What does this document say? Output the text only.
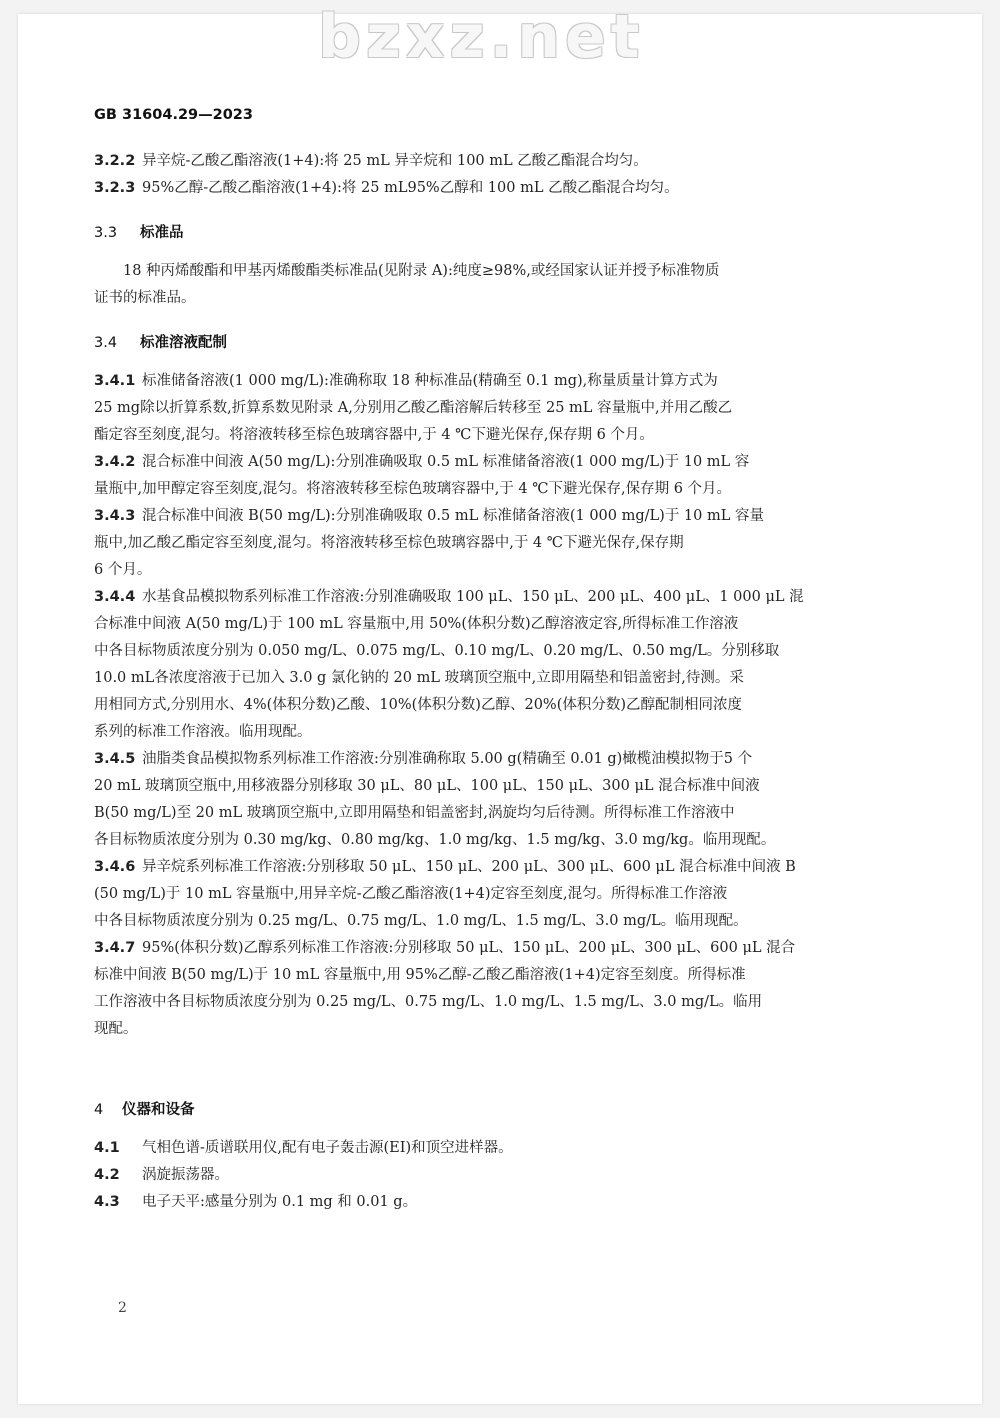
bzxz.net
GB 31604.29—2023
3.2.2 异辛烷-乙酸乙酯溶液(1+4):将 25 mL 异辛烷和 100 mL 乙酸乙酯混合均匀。
3.2.3 95%乙醇-乙酸乙酯溶液(1+4):将 25 mL95%乙醇和 100 mL 乙酸乙酯混合均匀。
3.3 标准品
18 种丙烯酸酯和甲基丙烯酸酯类标准品(见附录 A):纯度≥98%,或经国家认证并授予标准物质
证书的标准品。
3.4 标准溶液配制
3.4.1 标准储备溶液(1 000 mg/L):准确称取 18 种标准品(精确至 0.1 mg),称量质量计算方式为
25 mg除以折算系数,折算系数见附录 A,分别用乙酸乙酯溶解后转移至 25 mL 容量瓶中,并用乙酸乙
酯定容至刻度,混匀。将溶液转移至棕色玻璃容器中,于 4 ℃下避光保存,保存期 6 个月。
3.4.2 混合标准中间液 A(50 mg/L):分别准确吸取 0.5 mL 标准储备溶液(1 000 mg/L)于 10 mL 容
量瓶中,加甲醇定容至刻度,混匀。将溶液转移至棕色玻璃容器中,于 4 ℃下避光保存,保存期 6 个月。
3.4.3 混合标准中间液 B(50 mg/L):分别准确吸取 0.5 mL 标准储备溶液(1 000 mg/L)于 10 mL 容量
瓶中,加乙酸乙酯定容至刻度,混匀。将溶液转移至棕色玻璃容器中,于 4 ℃下避光保存,保存期
6 个月。
3.4.4 水基食品模拟物系列标准工作溶液:分别准确吸取 100 μL、150 μL、200 μL、400 μL、1 000 μL 混
合标准中间液 A(50 mg/L)于 100 mL 容量瓶中,用 50%(体积分数)乙醇溶液定容,所得标准工作溶液
中各目标物质浓度分别为 0.050 mg/L、0.075 mg/L、0.10 mg/L、0.20 mg/L、0.50 mg/L。分别移取
10.0 mL各浓度溶液于已加入 3.0 g 氯化钠的 20 mL 玻璃顶空瓶中,立即用隔垫和铝盖密封,待测。采
用相同方式,分别用水、4%(体积分数)乙酸、10%(体积分数)乙醇、20%(体积分数)乙醇配制相同浓度
系列的标准工作溶液。临用现配。
3.4.5 油脂类食品模拟物系列标准工作溶液:分别准确称取 5.00 g(精确至 0.01 g)橄榄油模拟物于5 个
20 mL 玻璃顶空瓶中,用移液器分别移取 30 μL、80 μL、100 μL、150 μL、300 μL 混合标准中间液
B(50 mg/L)至 20 mL 玻璃顶空瓶中,立即用隔垫和铝盖密封,涡旋均匀后待测。所得标准工作溶液中
各目标物质浓度分别为 0.30 mg/kg、0.80 mg/kg、1.0 mg/kg、1.5 mg/kg、3.0 mg/kg。临用现配。
3.4.6 异辛烷系列标准工作溶液:分别移取 50 μL、150 μL、200 μL、300 μL、600 μL 混合标准中间液 B
(50 mg/L)于 10 mL 容量瓶中,用异辛烷-乙酸乙酯溶液(1+4)定容至刻度,混匀。所得标准工作溶液
中各目标物质浓度分别为 0.25 mg/L、0.75 mg/L、1.0 mg/L、1.5 mg/L、3.0 mg/L。临用现配。
3.4.7 95%(体积分数)乙醇系列标准工作溶液:分别移取 50 μL、150 μL、200 μL、300 μL、600 μL 混合
标准中间液 B(50 mg/L)于 10 mL 容量瓶中,用 95%乙醇-乙酸乙酯溶液(1+4)定容至刻度。所得标准
工作溶液中各目标物质浓度分别为 0.25 mg/L、0.75 mg/L、1.0 mg/L、1.5 mg/L、3.0 mg/L。临用
现配。
4 仪器和设备
4.1 气相色谱-质谱联用仪,配有电子轰击源(EI)和顶空进样器。
4.2 涡旋振荡器。
4.3 电子天平:感量分别为 0.1 mg 和 0.01 g。
2
